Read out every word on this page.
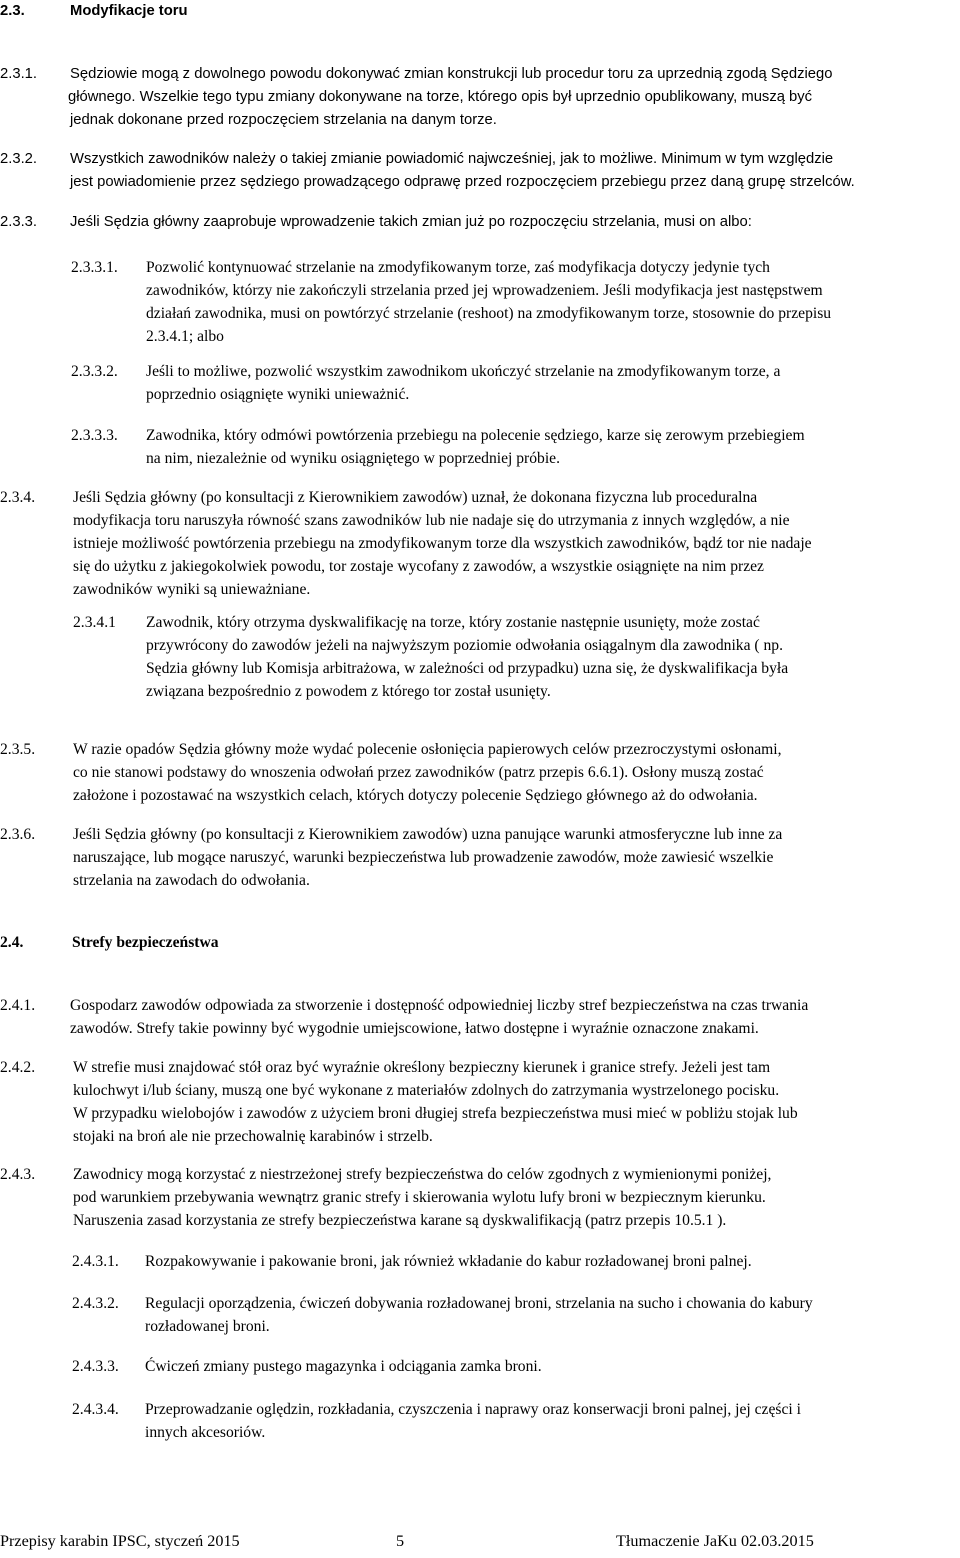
2.3.	Modyfikacje toru
2.3.1. Sędziowie mogą z dowolnego powodu dokonywać zmian konstrukcji lub procedur toru za uprzednią zgodą Sędziego
głównego. Wszelkie tego typu zmiany dokonywane na torze, którego opis był uprzednio opublikowany, muszą być
jednak dokonane przed rozpoczęciem strzelania na danym torze.
2.3.2. Wszystkich zawodników należy o takiej zmianie powiadomić najwcześniej, jak to możliwe. Minimum w tym względzie
jest powiadomienie przez sędziego prowadzącego odprawę przed rozpoczęciem przebiegu przez daną grupę strzelców.
2.3.3. Jeśli Sędzia główny zaaprobuje wprowadzenie takich zmian już po rozpoczęciu strzelania, musi on albo:
2.3.3.1. Pozwolić kontynuować strzelanie na zmodyfikowanym torze, zaś modyfikacja dotyczy jedynie tych
zawodników, którzy nie zakończyli strzelania przed jej wprowadzeniem. Jeśli modyfikacja jest następstwem
działań zawodnika, musi on powtórzyć strzelanie (reshoot) na zmodyfikowanym torze, stosownie do przepisu
2.3.4.1; albo
2.3.3.2. Jeśli to możliwe, pozwolić wszystkim zawodnikom ukończyć strzelanie na zmodyfikowanym torze, a
poprzednio osiągnięte wyniki unieważnić.
2.3.3.3. Zawodnika, który odmówi powtórzenia przebiegu na polecenie sędziego, karze się zerowym przebiegiem
na nim, niezależnie od wyniku osiągniętego w poprzedniej próbie.
2.3.4. Jeśli Sędzia główny (po konsultacji z Kierownikiem zawodów) uznał, że dokonana fizyczna lub proceduralna
modyfikacja toru naruszyła równość szans zawodników lub nie nadaje się do utrzymania z innych względów, a nie
istnieje możliwość powtórzenia przebiegu na zmodyfikowanym torze dla wszystkich zawodników, bądź tor nie nadaje
się do użytku z jakiegokolwiek powodu, tor zostaje wycofany z zawodów, a wszystkie osiągnięte na nim przez
zawodników wyniki są unieważniane.
2.3.4.1 Zawodnik, który otrzyma dyskwalifikację na torze, który zostanie następnie usunięty, może zostać
przywrócony do zawodów jeżeli na najwyższym poziomie odwołania osiągalnym dla zawodnika ( np.
Sędzia główny lub Komisja arbitrażowa, w zależności od przypadku) uzna się, że dyskwalifikacja była
związana bezpośrednio z powodem z którego tor został usunięty.
2.3.5. W razie opadów Sędzia główny może wydać polecenie osłonięcia papierowych celów przezroczystymi osłonami,
co nie stanowi podstawy do wnoszenia odwołań przez zawodników (patrz przepis 6.6.1). Osłony muszą zostać
założone i pozostawać na wszystkich celach, których dotyczy polecenie Sędziego głównego aż do odwołania.
2.3.6. Jeśli Sędzia główny (po konsultacji z Kierownikiem zawodów) uzna panujące warunki atmosferyczne lub inne za
naruszające, lub mogące naruszyć, warunki bezpieczeństwa lub prowadzenie zawodów, może zawiesić wszelkie
strzelania na zawodach do odwołania.
2.4.	Strefy bezpieczeństwa
2.4.1. Gospodarz zawodów odpowiada za stworzenie i dostępność odpowiedniej liczby stref bezpieczeństwa na czas trwania
zawodów. Strefy takie powinny być wygodnie umiejscowione, łatwo dostępne i wyraźnie oznaczone znakami.
2.4.2. W strefie musi znajdować stół oraz być wyraźnie określony bezpieczny kierunek i granice strefy. Jeżeli jest tam
kulochwyt i/lub ściany, muszą one być wykonane z materiałów zdolnych do zatrzymania wystrzelonego pocisku.
W przypadku wielobojów i zawodów z użyciem broni długiej strefa bezpieczeństwa musi mieć w pobliżu stojak lub
stojaki na broń ale nie przechowalnię karabinów i strzelb.
2.4.3. Zawodnicy mogą korzystać z niestrzeżonej strefy bezpieczeństwa do celów zgodnych z wymienionymi poniżej,
pod warunkiem przebywania wewnątrz granic strefy i skierowania wylotu lufy broni w bezpiecznym kierunku.
Naruszenia zasad korzystania ze strefy bezpieczeństwa karane są dyskwalifikacją (patrz przepis 10.5.1 ).
2.4.3.1. Rozpakowywanie i pakowanie broni, jak również wkładanie do kabur rozładowanej broni palnej.
2.4.3.2. Regulacji oporządzenia, ćwiczeń dobywania rozładowanej broni, strzelania na sucho i chowania do kabury
rozładowanej broni.
2.4.3.3. Ćwiczeń zmiany pustego magazynka i odciągania zamka broni.
2.4.3.4. Przeprowadzanie oględzin, rozkładania, czyszczenia i naprawy oraz konserwacji broni palnej, jej części i
innych akcesoriów.
Przepisy karabin IPSC, styczeń 2015	5	Tłumaczenie JaKu 02.03.2015
